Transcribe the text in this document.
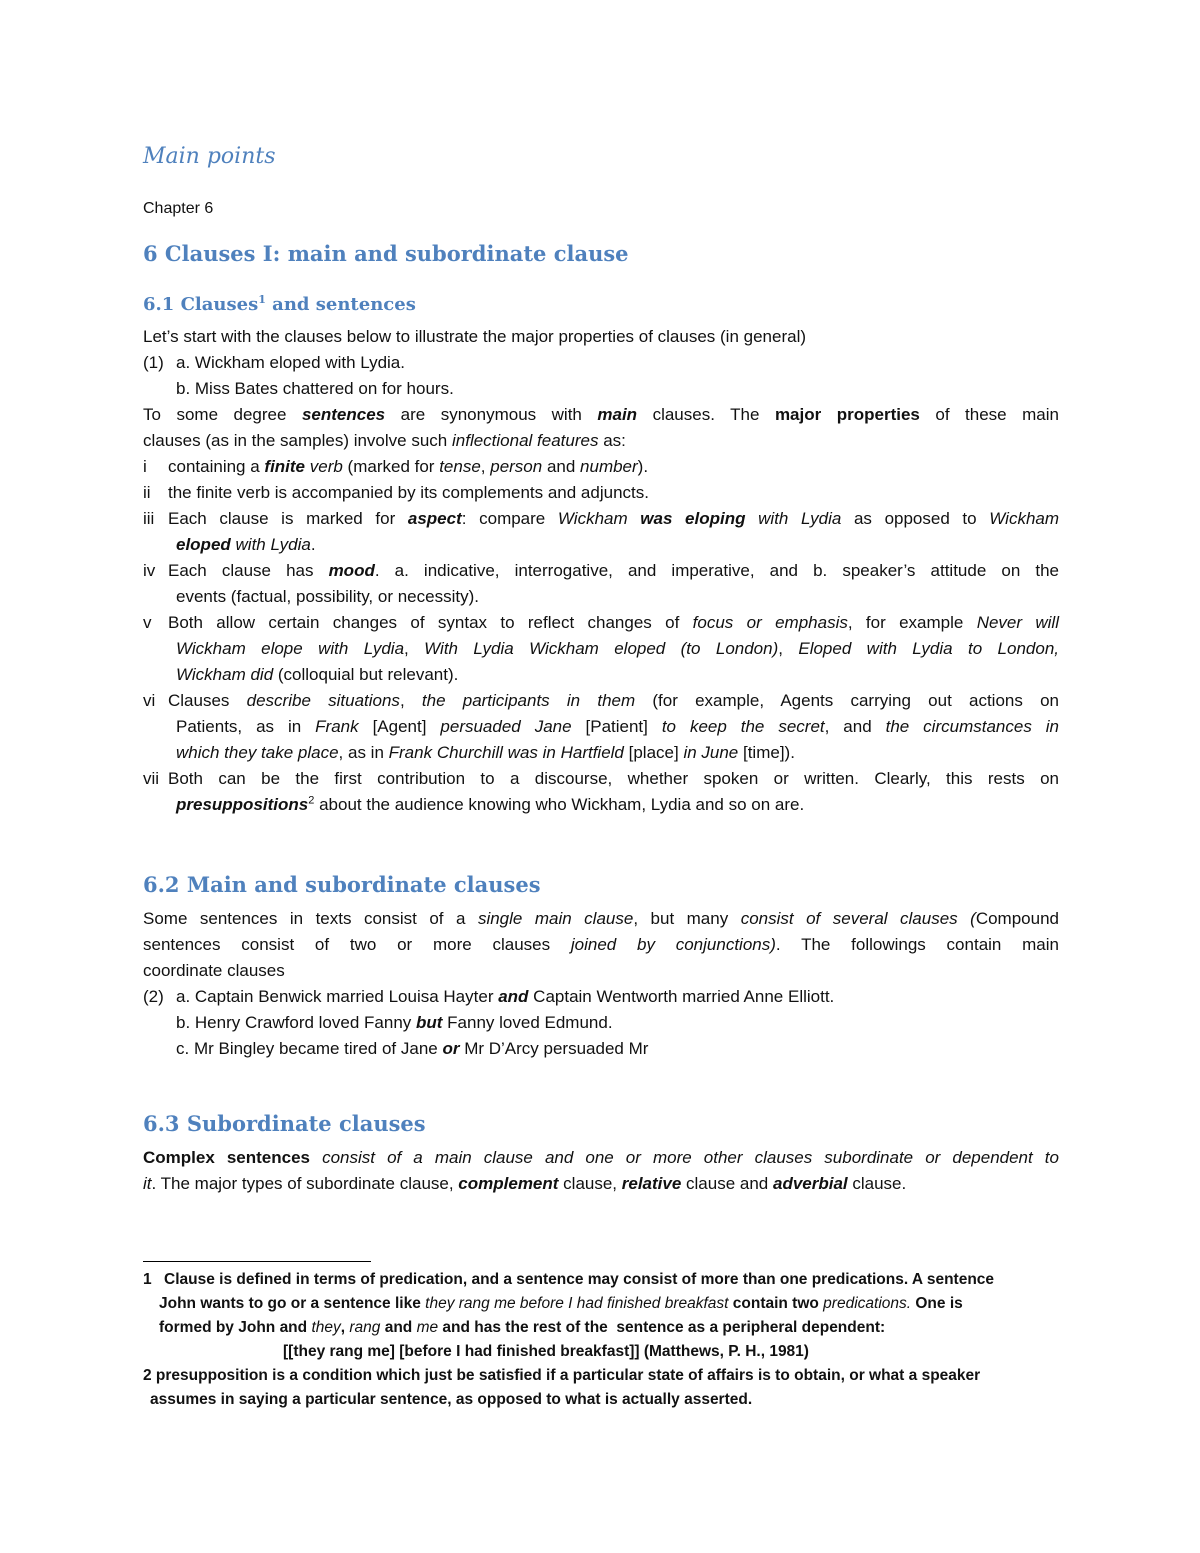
Main points
Chapter 6
6 Clauses I: main and subordinate clause
6.1 Clauses$^1$ and sentences
Let’s start with the clauses below to illustrate the major properties of clauses (in general)
(1) a. Wickham eloped with Lydia.
b. Miss Bates chattered on for hours.
To some degree sentences are synonymous with main clauses. The major properties of these main
clauses (as in the samples) involve such inflectional features as:
i	containing a finite verb (marked for tense, person and number).
ii	the finite verb is accompanied by its complements and adjuncts.
iii Each clause is marked for aspect: compare Wickham was eloping with Lydia as opposed to Wickham
eloped with Lydia.
iv Each clause has mood. a. indicative, interrogative, and imperative, and b. speaker’s attitude on the
events (factual, possibility, or necessity).
v Both allow certain changes of syntax to reflect changes of focus or emphasis, for example Never will
Wickham elope with Lydia, With Lydia Wickham eloped (to London), Eloped with Lydia to London,
Wickham did (colloquial but relevant).
vi Clauses describe situations, the participants in them (for example, Agents carrying out actions on
Patients, as in Frank [Agent] persuaded Jane [Patient] to keep the secret, and the circumstances in
which they take place, as in Frank Churchill was in Hartfield [place] in June [time]).
vii Both can be the first contribution to a discourse, whether spoken or written. Clearly, this rests on
presuppositions$^2$ about the audience knowing who Wickham, Lydia and so on are.
6.2 Main and subordinate clauses
Some sentences in texts consist of a single main clause, but many consist of several clauses (Compound
sentences consist of two or more clauses joined by conjunctions). The followings contain main
coordinate clauses
(2) a. Captain Benwick married Louisa Hayter and Captain Wentworth married Anne Elliott.
b. Henry Crawford loved Fanny but Fanny loved Edmund.
c. Mr Bingley became tired of Jane or Mr D’Arcy persuaded Mr
6.3 Subordinate clauses
Complex sentences consist of a main clause and one or more other clauses subordinate or dependent to
it. The major types of subordinate clause, complement clause, relative clause and adverbial clause.
1 Clause is defined in terms of predication, and a sentence may consist of more than one predications. A sentence
John wants to go or a sentence like they rang me before I had finished breakfast contain two predications. One is
formed by John and they, rang and me and has the rest of the  sentence as a peripheral dependent:
[[they rang me] [before I had finished breakfast]] (Matthews, P. H., 1981)
2 presupposition is a condition which just be satisfied if a particular state of affairs is to obtain, or what a speaker
assumes in saying a particular sentence, as opposed to what is actually asserted.
